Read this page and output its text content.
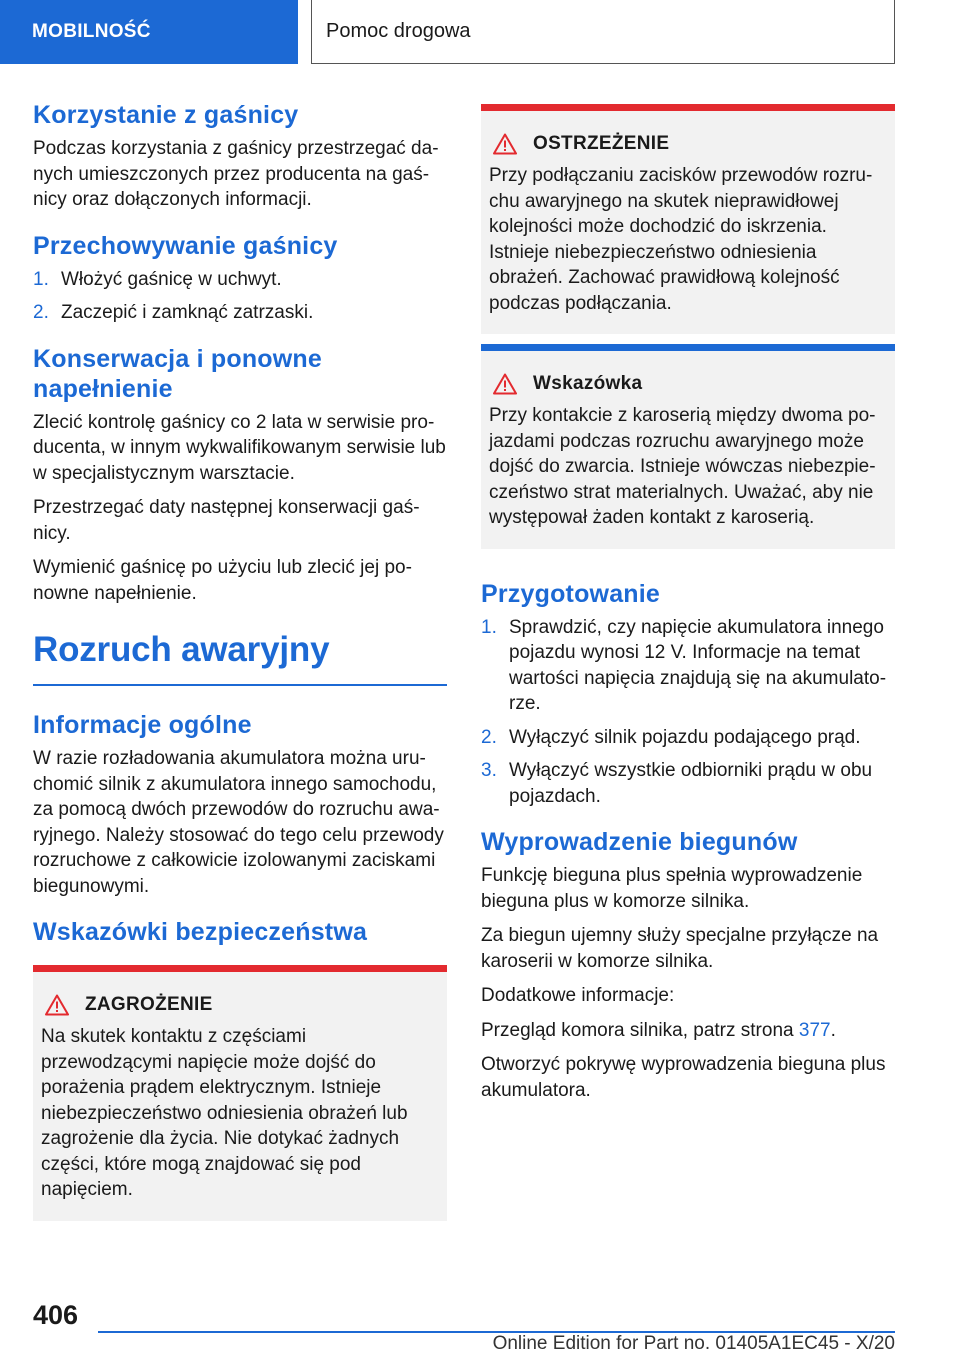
MOBILNOŚĆ	Pomoc drogowa
Korzystanie z gaśnicy

Podczas korzystania z gaśnicy przestrzegać danych umieszczonych przez producenta na gaśnicy oraz dołączonych informacji.

Przechowywanie gaśnicy
1. Włożyć gaśnicę w uchwyt.
2. Zaczepić i zamknąć zatrzaski.
Konserwacja i ponowne napełnienie

Zlecić kontrolę gaśnicy co 2 lata w serwisie producenta, w innym wykwalifikowanym serwisie lub w specjalistycznym warsztacie.

Przestrzegać daty następnej konserwacji gaśnicy.

Wymienić gaśnicę po użyciu lub zlecić jej ponowne napełnienie.

Rozruch awaryjny
Informacje ogólne

W razie rozładowania akumulatora można uruchomić silnik z akumulatora innego samochodu, za pomocą dwóch przewodów do rozruchu awaryjnego. Należy stosować do tego celu przewody rozruchowe z całkowicie izolowanymi zaciskami biegunowymi.

Wskazówki bezpieczeństwa
ZAGROŻENIE

Na skutek kontaktu z częściami przewodzącymi napięcie może dojść do porażenia prądem elektrycznym. Istnieje niebezpieczeństwo odniesienia obrażeń lub zagrożenie dla życia. Nie dotykać żadnych części, które mogą znajdować się pod napięciem.

OSTRZEŻENIE

Przy podłączaniu zacisków przewodów rozruchu awaryjnego na skutek nieprawidłowej kolejności może dochodzić do iskrzenia. Istnieje niebezpieczeństwo odniesienia obrażeń. Zachować prawidłową kolejność podczas podłączania.

Wskazówka

Przy kontakcie z karoserią między dwoma pojazdami podczas rozruchu awaryjnego może dojść do zwarcia. Istnieje wówczas niebezpieczeństwo strat materialnych. Uważać, aby nie występował żaden kontakt z karoserią.

Przygotowanie
1. Sprawdzić, czy napięcie akumulatora innego pojazdu wynosi 12 V. Informacje na temat wartości napięcia znajdują się na akumulatorze.
2. Wyłączyć silnik pojazdu podającego prąd.
3. Wyłączyć wszystkie odbiorniki prądu w obu pojazdach.
Wyprowadzenie biegunów

Funkcję bieguna plus spełnia wyprowadzenie bieguna plus w komorze silnika.

Za biegun ujemny służy specjalne przyłącze na karoserii w komorze silnika.

Dodatkowe informacje:

Przegląd komora silnika, patrz strona 377.

Otworzyć pokrywę wyprowadzenia bieguna plus akumulatora.

406
Online Edition for Part no. 01405A1EC45 - X/20
